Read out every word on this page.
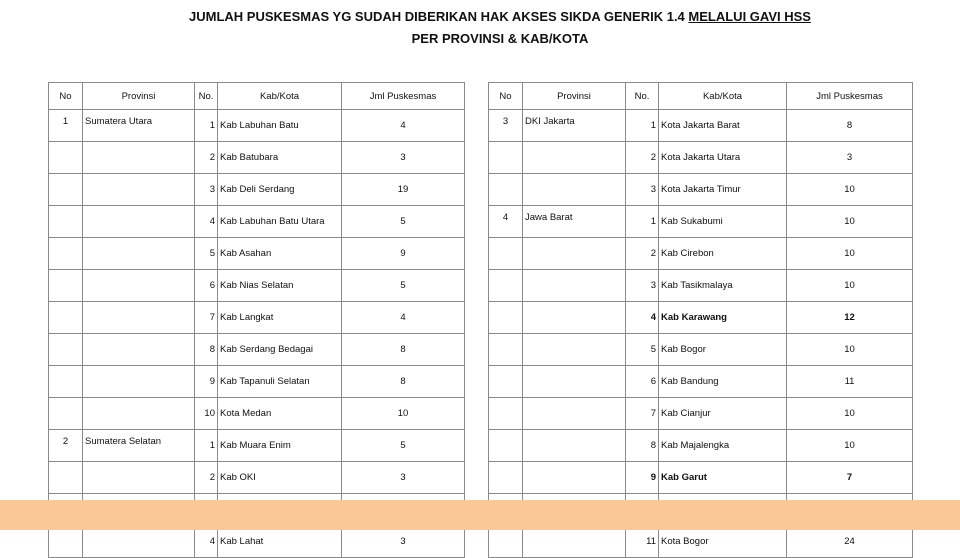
JUMLAH PUSKESMAS YG SUDAH DIBERIKAN HAK AKSES SIKDA GENERIK 1.4 MELALUI GAVI HSS
PER PROVINSI & KAB/KOTA
No	Provinsi	No.	Kab/Kota	Jml Puskesmas
1	Sumatera Utara	1	Kab Labuhan Batu	4
		2	Kab Batubara	3
		3	Kab Deli Serdang	19
		4	Kab Labuhan Batu Utara	5
		5	Kab Asahan	9
		6	Kab Nias Selatan	5
		7	Kab Langkat	4
		8	Kab Serdang Bedagai	8
		9	Kab Tapanuli Selatan	8
		10	Kota Medan	10
2	Sumatera Selatan	1	Kab Muara Enim	5
		2	Kab OKI	3

		4	Kab Lahat	3
No	Provinsi	No.	Kab/Kota	Jml Puskesmas
3	DKI Jakarta	1	Kota Jakarta Barat	8
		2	Kota Jakarta Utara	3
		3	Kota Jakarta Timur	10
4	Jawa Barat	1	Kab Sukabumi	10
		2	Kab Cirebon	10
		3	Kab Tasikmalaya	10
		4	Kab Karawang	12
		5	Kab Bogor	10
		6	Kab Bandung	11
		7	Kab Cianjur	10
		8	Kab Majalengka	10
		9	Kab Garut	7

		11	Kota Bogor	24
